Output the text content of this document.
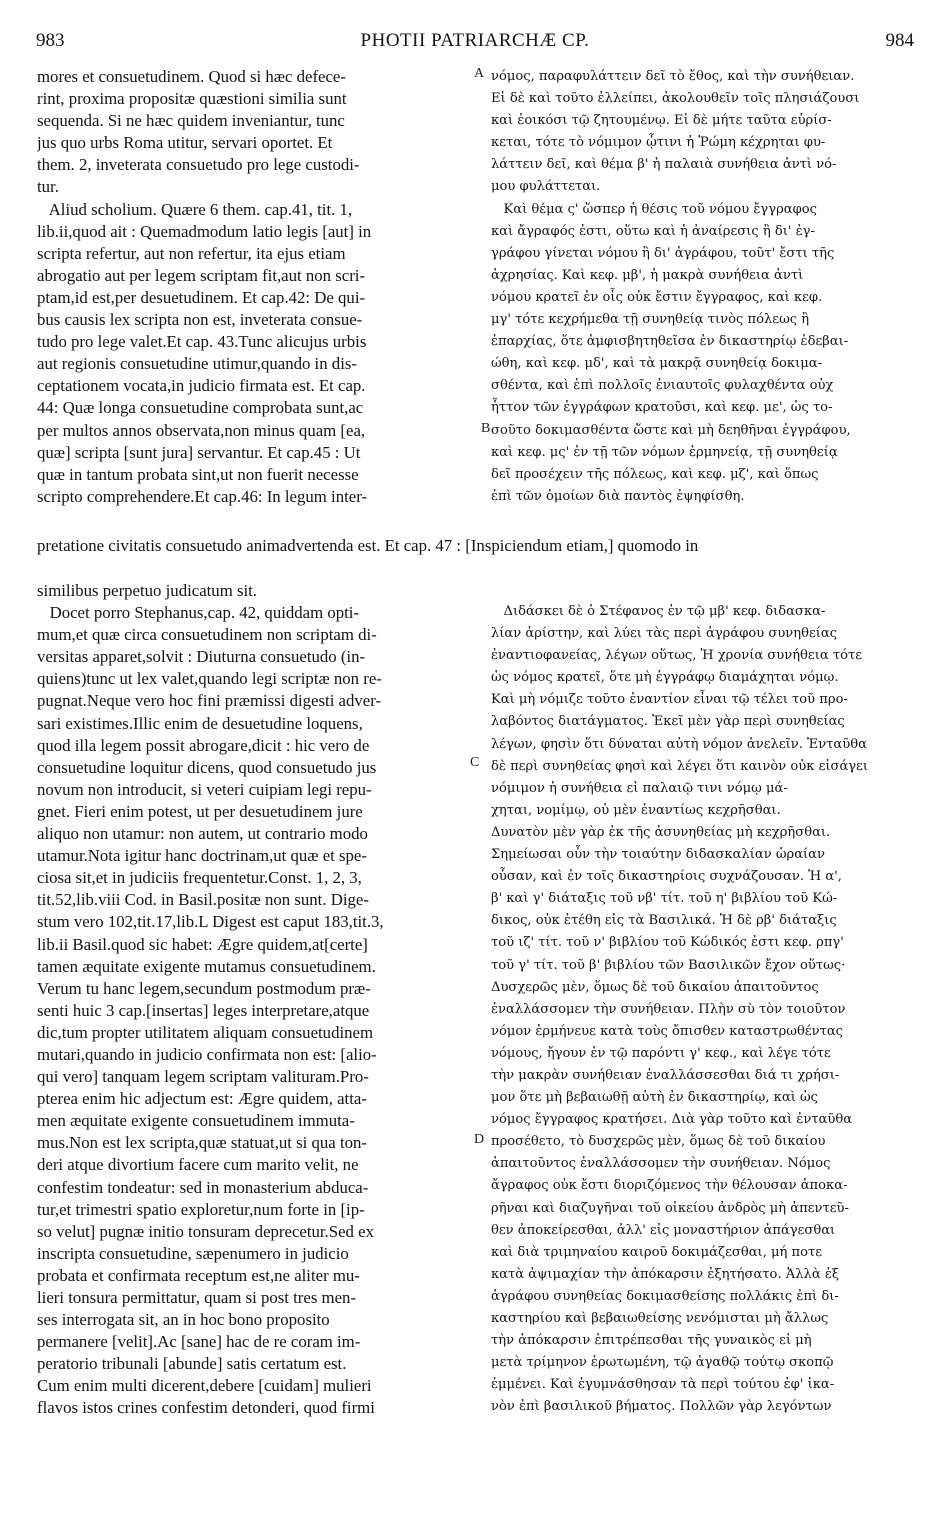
983	PHOTII PATRIARCHÆ CP.	984
mores et consuetudinem. Quod si hæc defece-
rint, proxima propositæ quæstioni similia sunt
sequenda. Si ne hæc quidem inveniantur, tunc
jus quo urbs Roma utitur, servari oportet. Et
them. 2, inveterata consuetudo pro lege custodi-
tur.
Aliud scholium. Quære 6 them. cap.41, tit. 1,
lib.ii,quod ait : Quemadmodum latio legis [aut] in
scripta refertur, aut non refertur, ita ejus etiam
abrogatio aut per legem scriptam fit,aut non scri-
ptam,id est,per desuetudinem. Et cap.42: De qui-
bus causis lex scripta non est, inveterata consue-
tudo pro lege valet.Et cap. 43.Tunc alicujus urbis
aut regionis consuetudine utimur,quando in dis-
ceptationem vocata,in judicio firmata est. Et cap.
44: Quæ longa consuetudine comprobata sunt,ac
per multos annos observata,non minus quam [ea,
quæ] scripta [sunt jura] servantur. Et cap.45 : Ut
quæ in tantum probata sint,ut non fuerit necesse
scripto comprehendere.Et cap.46: In legum inter-
νόμος, παραφυλάττειν δεῖ τὸ ἔθος, καὶ τὴν συνήθειαν.
Εἰ δὲ καὶ τοῦτο ἐλλείπει, ἀκολουθεῖν τοῖς πλησιάζουσι
καὶ ἐοικόσι τῷ ζητουμένῳ. Εἰ δὲ μήτε ταῦτα εὑρίσ-
κεται, τότε τὸ νόμιμον ᾧτινι ἡ Ῥώμη κέχρηται φυ-
λάττειν δεῖ, καὶ θέμα β' ἡ παλαιὰ συνήθεια ἀντὶ νό-
μου φυλάττεται.
Καὶ θέμα ς' ὥσπερ ἡ θέσις τοῦ νόμου ἔγγραφος
καὶ ἄγραφός ἐστι, οὕτω καὶ ἡ ἀναίρεσις ἢ δι' ἐγ-
γράφου γίνεται νόμου ἢ δι' ἀγράφου, τοῦτ' ἔστι τῆς
ἀχρησίας. Καὶ κεφ. μβ', ἡ μακρὰ συνήθεια ἀντὶ
νόμου κρατεῖ ἐν οἷς οὐκ ἔστιν ἔγγραφος, καὶ κεφ.
μγ' τότε κεχρήμεθα τῇ συνηθείᾳ τινὸς πόλεως ἢ
ἐπαρχίας, ὅτε ἀμφισβητηθεῖσα ἐν δικαστηρίῳ ἐδεβαι-
ώθη, καὶ κεφ. μδ', καὶ τὰ μακρᾷ συνηθείᾳ δοκιμα-
σθέντα, καὶ ἐπὶ πολλοῖς ἐνιαυτοῖς φυλαχθέντα οὐχ
ἧττον τῶν ἐγγράφων κρατοῦσι, καὶ κεφ. με', ὡς το-
σοῦτο δοκιμασθέντα ὥστε καὶ μὴ δεηθῆναι ἐγγράφου,
καὶ κεφ. μς' ἐν τῇ τῶν νόμων ἑρμηνείᾳ, τῇ συνηθείᾳ
δεῖ προσέχειν τῆς πόλεως, καὶ κεφ. μζ', καὶ ὅπως
ἐπὶ τῶν ὁμοίων διὰ παντὸς ἐψηφίσθη.
pretatione civitatis consuetudo animadvertenda est. Et cap. 47 : [Inspiciendum etiam,] quomodo in
similibus perpetuo judicatum sit.
Docet porro Stephanus,cap. 42, quiddam opti-
mum,et quæ circa consuetudinem non scriptam di-
versitas apparet,solvit : Diuturna consuetudo (in-
quiens)tunc ut lex valet,quando legi scriptæ non re-
pugnat.Neque vero hoc fini præmissi digesti adver-
sari existimes.Illic enim de desuetudine loquens,
quod illa legem possit abrogare,dicit : hic vero de
consuetudine loquitur dicens, quod consuetudo jus
novum non introducit, si veteri cuipiam legi repu-
gnet. Fieri enim potest, ut per desuetudinem jure
aliquo non utamur: non autem, ut contrario modo
utamur.Nota igitur hanc doctrinam,ut quæ et spe-
ciosa sit,et in judiciis frequentetur.Const. 1, 2, 3,
tit.52,lib.viii Cod. in Basil.positæ non sunt. Dige-
stum vero 102,tit.17,lib.L Digest est caput 183,tit.3,
lib.ii Basil.quod sic habet: Ægre quidem,at[certe]
tamen æquitate exigente mutamus consuetudinem.
Verum tu hanc legem,secundum postmodum præ-
senti huic 3 cap.[insertas] leges interpretare,atque
dic,tum propter utilitatem aliquam consuetudinem
mutari,quando in judicio confirmata non est: [alio-
qui vero] tanquam legem scriptam valituram.Pro-
pterea enim hic adjectum est: Ægre quidem, atta-
men æquitate exigente consuetudinem immuta-
mus.Non est lex scripta,quæ statuat,ut si qua ton-
deri atque divortium facere cum marito velit, ne
confestim tondeatur: sed in monasterium abduca-
tur,et trimestri spatio exploretur,num forte in [ip-
so velut] pugnæ initio tonsuram deprecetur.Sed ex
inscripta consuetudine, sæpenumero in judicio
probata et confirmata receptum est,ne aliter mu-
lieri tonsura permittatur, quam si post tres men-
ses interrogata sit, an in hoc bono proposito
permanere [velit].Ac [sane] hac de re coram im-
peratorio tribunali [abunde] satis certatum est.
Cum enim multi dicerent,debere [cuidam] mulieri
flavos istos crines confestim detonderi, quod firmi
Διδάσκει δὲ ὁ Στέφανος ἐν τῷ μβ' κεφ. διδασκα-
λίαν ἀρίστην, καὶ λύει τὰς περὶ ἀγράφου συνηθείας
ἐναντιοφανείας, λέγων οὕτως, Ἡ χρονία συνήθεια τότε
ὡς νόμος κρατεῖ, ὅτε μὴ ἐγγράφῳ διαμάχηται νόμῳ.
Καὶ μὴ νόμιζε τοῦτο ἐναντίον εἶναι τῷ τέλει τοῦ προ-
λαβόντος διατάγματος. Ἐκεῖ μὲν γὰρ περὶ συνηθείας
λέγων, φησὶν ὅτι δύναται αὐτὴ νόμον ἀνελεῖν. Ἐνταῦθα
δὲ περὶ συνηθείας φησὶ καὶ λέγει ὅτι καινὸν οὐκ εἰσάγει
νόμιμον ἡ συνήθεια εἰ παλαιῷ τινι νόμῳ μά-
χηται, νομίμῳ, οὐ μὲν ἐναντίως κεχρῆσθαι.
Δυνατὸν μὲν γὰρ ἐκ τῆς ἀσυνηθείας μὴ κεχρῆσθαι.
Σημείωσαι οὖν τὴν τοιαύτην διδασκαλίαν ὡραίαν
οὖσαν, καὶ ἐν τοῖς δικαστηρίοις συχνάζουσαν. Ἡ α',
β' καὶ γ' διάταξις τοῦ νβ' τίτ. τοῦ η' βιβλίου τοῦ Κώ-
δικος, οὐκ ἐτέθη εἰς τὰ Βασιλικά. Ἡ δὲ ρβ' διάταξις
τοῦ ιζ' τίτ. τοῦ ν' βιβλίου τοῦ Κώδικός ἐστι κεφ. ρπγ'
τοῦ γ' τίτ. τοῦ β' βιβλίου τῶν Βασιλικῶν ἔχον οὕτως·
Δυσχερῶς μὲν, ὅμως δὲ τοῦ δικαίου ἀπαιτοῦντος
ἐναλλάσσομεν τὴν συνήθειαν. Πλὴν σὺ τὸν τοιοῦτον
νόμον ἑρμήνευε κατὰ τοὺς ὄπισθεν καταστρωθέντας
νόμους, ἤγουν ἐν τῷ παρόντι γ' κεφ., καὶ λέγε τότε
τὴν μακρὰν συνήθειαν ἐναλλάσσεσθαι διά τι χρήσι-
μον ὅτε μὴ βεβαιωθῇ αὐτὴ ἐν δικαστηρίῳ, καὶ ὡς
νόμος ἔγγραφος κρατήσει. Διὰ γὰρ τοῦτο καὶ ἐνταῦθα
προσέθετο, τὸ δυσχερῶς μὲν, ὅμως δὲ τοῦ δικαίου
ἀπαιτοῦντος ἐναλλάσσομεν τὴν συνήθειαν. Νόμος
ἄγραφος οὐκ ἔστι διοριζόμενος τὴν θέλουσαν ἀποκα-
ρῆναι καὶ διαζυγῆναι τοῦ οἰκείου ἀνδρὸς μὴ ἀπεντεῦ-
θεν ἀποκείρεσθαι, ἀλλ' εἰς μοναστήριον ἀπάγεσθαι
καὶ διὰ τριμηναίου καιροῦ δοκιμάζεσθαι, μή ποτε
κατὰ ἀψιμαχίαν τὴν ἀπόκαρσιν ἐξητήσατο. Ἀλλὰ ἐξ
ἀγράφου συνηθείας δοκιμασθείσης πολλάκις ἐπὶ δι-
καστηρίου καὶ βεβαιωθείσης νενόμισται μὴ ἄλλως
τὴν ἀπόκαρσιν ἐπιτρέπεσθαι τῆς γυναικὸς εἰ μὴ
μετὰ τρίμηνον ἐρωτωμένη, τῷ ἀγαθῷ τούτῳ σκοπῷ
ἐμμένει. Καὶ ἐγυμνάσθησαν τὰ περὶ τούτου ἐφ' ἱκα-
νὸν ἐπὶ βασιλικοῦ βήματος. Πολλῶν γὰρ λεγόντων
A
B
C
D
